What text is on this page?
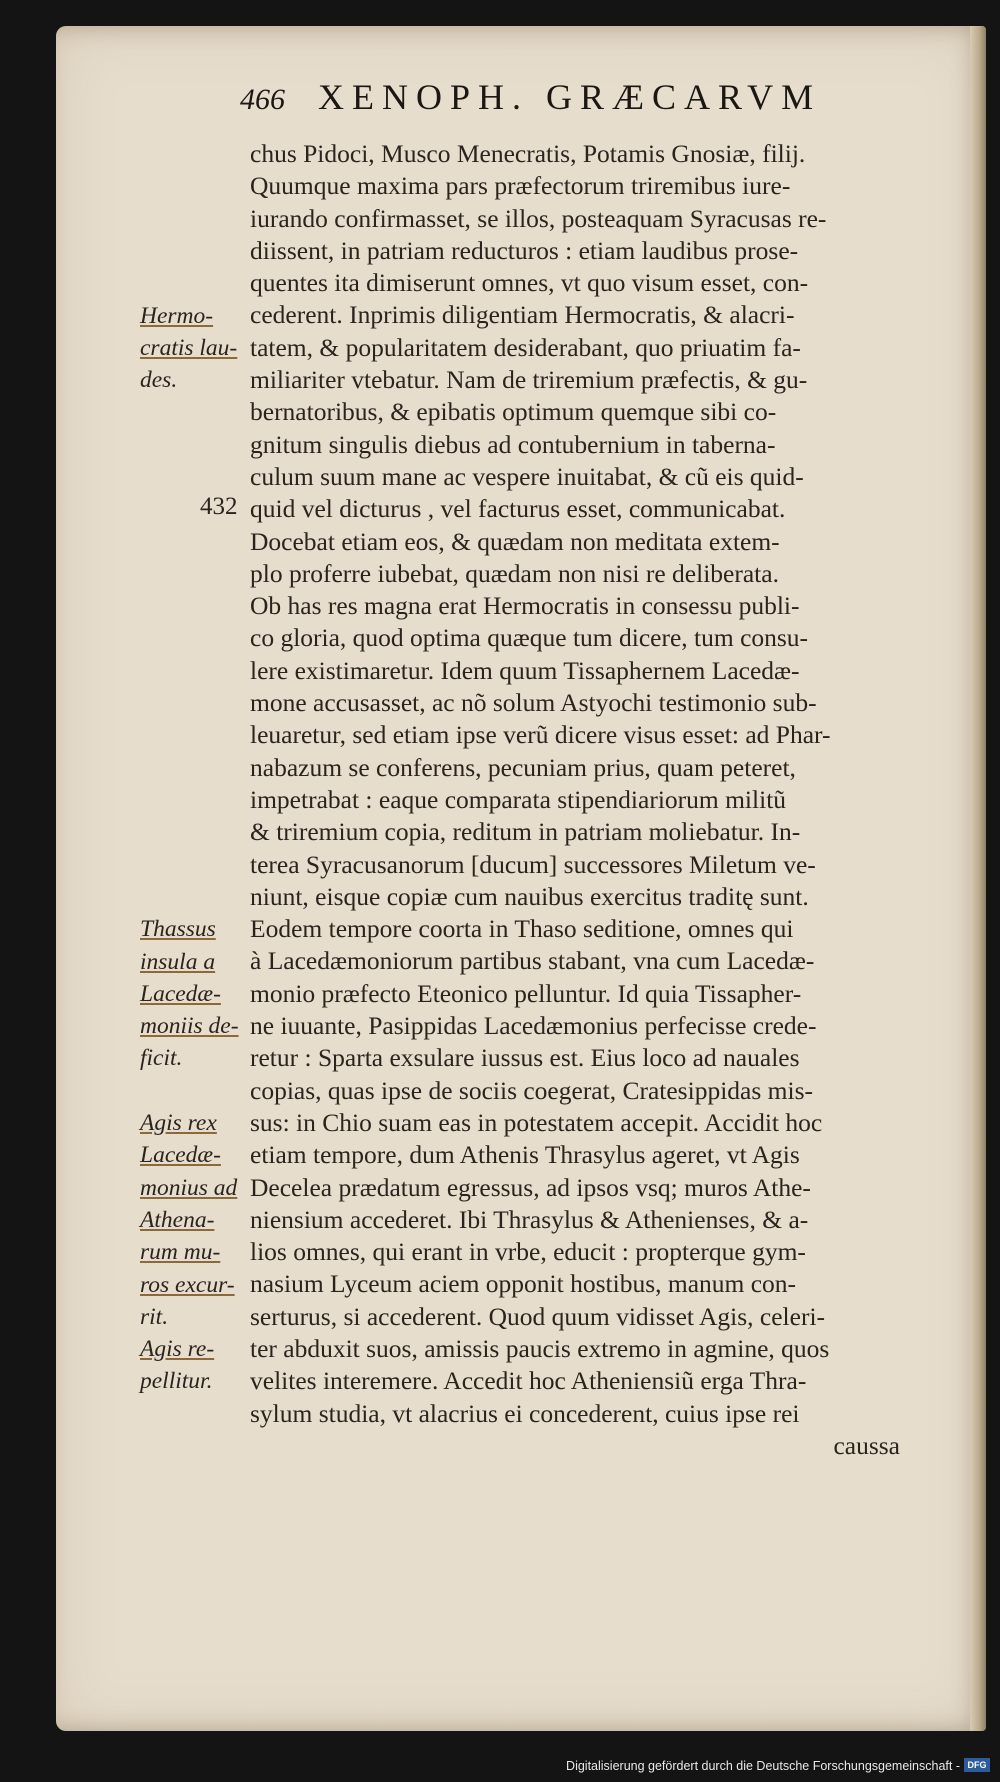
466 XENOPH. GRÆCARVM
chus Pidoci, Musco Menecratis, Potamis Gnosiæ, filij.
Quumque maxima pars præfectorum triremibus iure-
iurando confirmasset, se illos, posteaquam Syracusas re-
diissent, in patriam reducturos : etiam laudibus prose-
quentes ita dimiserunt omnes, vt quo visum esset, con-
cederent. Inprimis diligentiam Hermocratis, & alacri-
tatem, & popularitatem desiderabant, quo priuatim fa-
miliariter vtebatur. Nam de triremium præfectis, & gu-
bernatoribus, & epibatis optimum quemque sibi co-
gnitum singulis diebus ad contubernium in taberna-
culum suum mane ac vespere inuitabat, & cũ eis quid-
quid vel dicturus , vel facturus esset, communicabat.
Docebat etiam eos, & quædam non meditata extem-
plo proferre iubebat, quædam non nisi re deliberata.
Ob has res magna erat Hermocratis in consessu publi-
co gloria, quod optima quæque tum dicere, tum consu-
lere existimaretur. Idem quum Tissaphernem Lacedæ-
mone accusasset, ac nõ solum Astyochi testimonio sub-
leuaretur, sed etiam ipse verũ dicere visus esset: ad Phar-
nabazum se conferens, pecuniam prius, quam peteret,
impetrabat : eaque comparata stipendiariorum militũ
& triremium copia, reditum in patriam moliebatur. In-
terea Syracusanorum [ducum] successores Miletum ve-
niunt, eisque copiæ cum nauibus exercitus traditę sunt.
Eodem tempore coorta in Thaso seditione, omnes qui
à Lacedæmoniorum partibus stabant, vna cum Lacedæ-
monio præfecto Eteonico pelluntur. Id quia Tissapher-
ne iuuante, Pasippidas Lacedæmonius perfecisse crede-
retur : Sparta exsulare iussus est. Eius loco ad nauales
copias, quas ipse de sociis coegerat, Cratesippidas mis-
sus: in Chio suam eas in potestatem accepit. Accidit hoc
etiam tempore, dum Athenis Thrasylus ageret, vt Agis
Decelea prædatum egressus, ad ipsos vsq; muros Athe-
niensium accederet. Ibi Thrasylus & Athenienses, & a-
lios omnes, qui erant in vrbe, educit : propterque gym-
nasium Lyceum aciem opponit hostibus, manum con-
serturus, si accederent. Quod quum vidisset Agis, celeri-
ter abduxit suos, amissis paucis extremo in agmine, quos
velites interemere. Accedit hoc Atheniensiũ erga Thra-
sylum studia, vt alacrius ei concederent, cuius ipse rei
caussa
432
Hermo-
cratis lau-
des.
Thassus
insula a
Lacedæ-
moniis de-
ficit.
Agis rex
Lacedæ-
monius ad
Athena-
rum mu-
ros excur-
rit.
Agis re-
pellitur.
Digitalisierung gefördert durch die Deutsche Forschungsgemeinschaft - DFG
